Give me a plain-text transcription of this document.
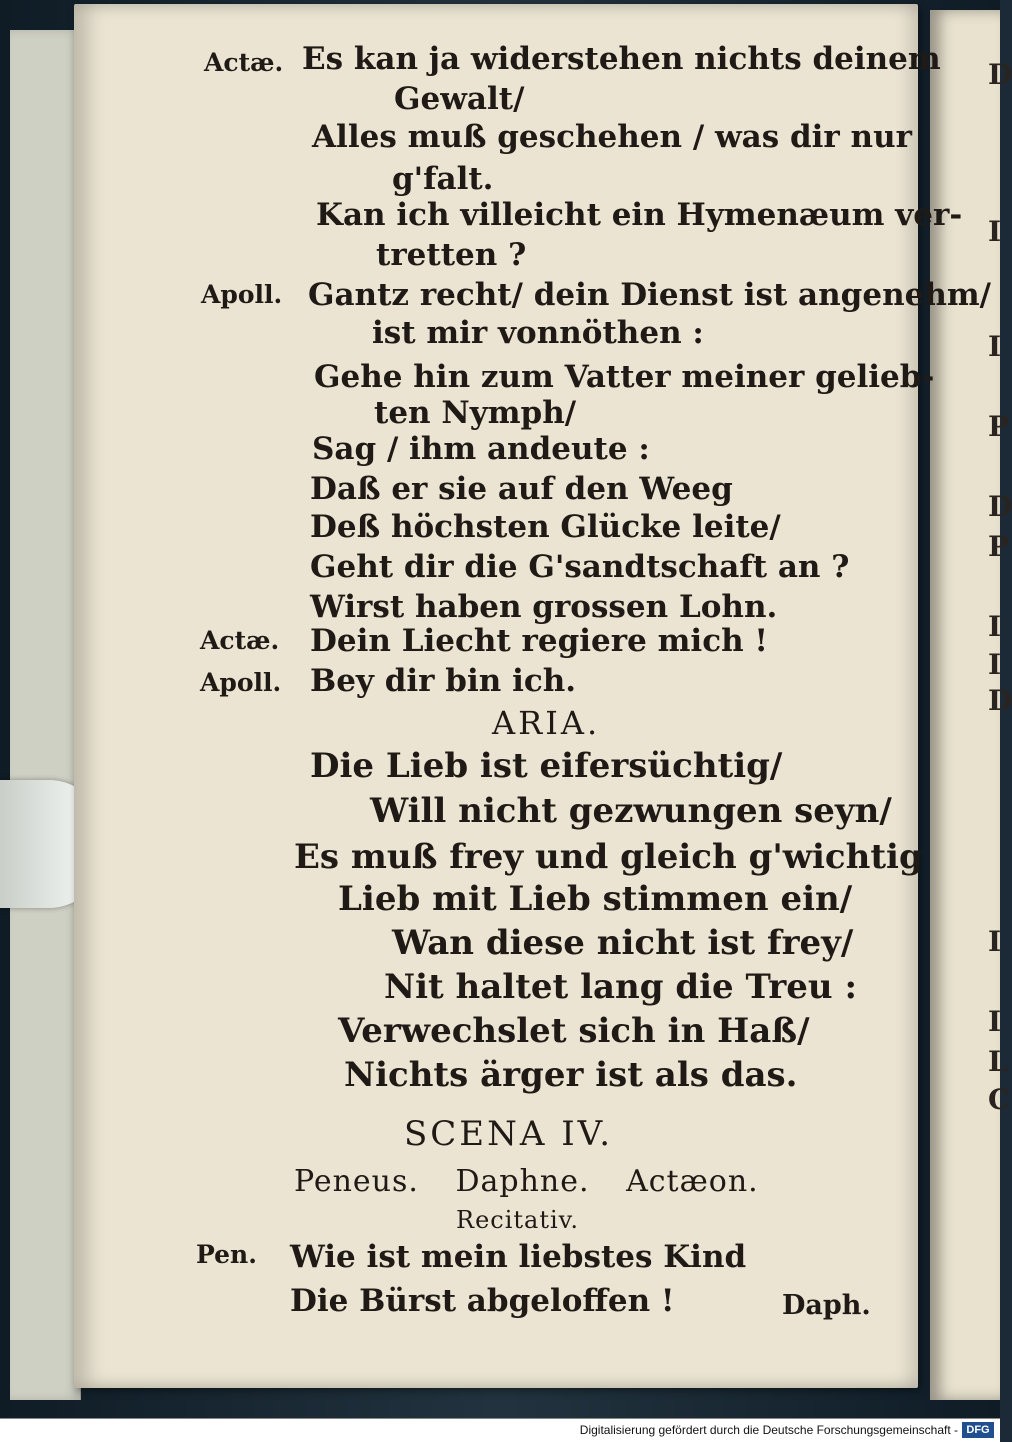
D
I
I
P
D
P
I
I
D
I
I
L
C
Actæ.
Apoll.
Actæ.
Apoll.
Pen.
Es kan ja widerstehen nichts deinem
Gewalt/
Alles muß geschehen / was dir nur
g'falt.
Kan ich villeicht ein Hymenæum ver-
tretten ?
Gantz recht/ dein Dienst ist angenehm/
ist mir vonnöthen :
Gehe hin zum Vatter meiner gelieb-
ten Nymph/
Sag / ihm andeute :
Daß er sie auf den Weeg
Deß höchsten Glücke leite/
Geht dir die G'sandtschaft an ?
Wirst haben grossen Lohn.
Dein Liecht regiere mich !
Bey dir bin ich.
ARIA.
Die Lieb ist eifersüchtig/
Will nicht gezwungen seyn/
Es muß frey und gleich g'wichtig
Lieb mit Lieb stimmen ein/
Wan diese nicht ist frey/
Nit haltet lang die Treu :
Verwechslet sich in Haß/
Nichts ärger ist als das.
SCENA IV.
Peneus. Daphne. Actæon.
Recitativ.
Wie ist mein liebstes Kind
Die Bürst abgeloffen !	Daph.
Digitalisierung gefördert durch die Deutsche Forschungsgemeinschaft - DFG
